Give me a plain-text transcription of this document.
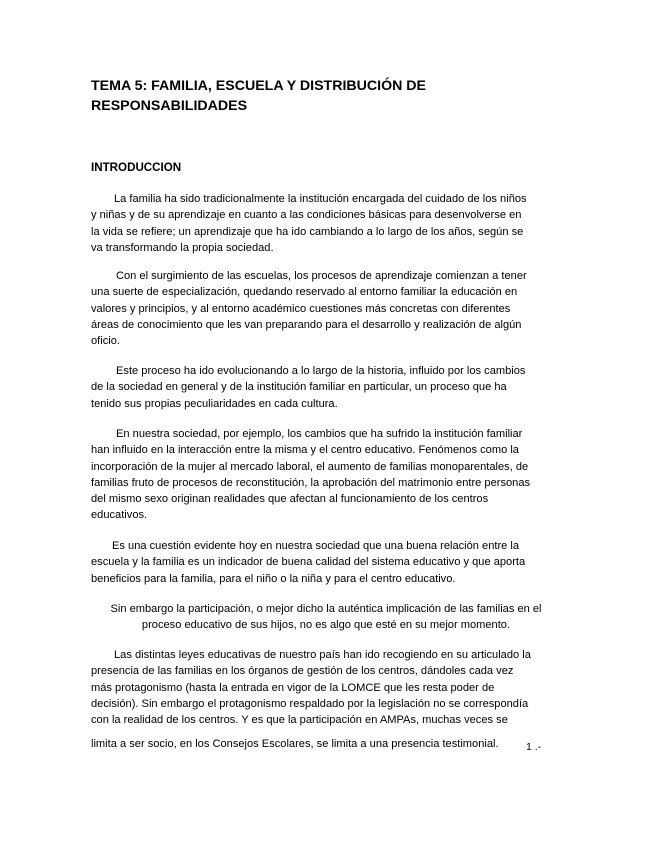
TEMA 5: FAMILIA, ESCUELA Y DISTRIBUCIÓN DE
RESPONSABILIDADES
INTRODUCCION

La familia ha sido tradicionalmente la institución encargada del cuidado de los niños
y niñas y de su aprendizaje en cuanto a las condiciones básicas para desenvolverse en
la vida se refiere; un aprendizaje que ha ido cambiando a lo largo de los años, según se
va transformando la propia sociedad.

Con el surgimiento de las escuelas, los procesos de aprendizaje comienzan a tener
una suerte de especialización, quedando reservado al entorno familiar la educación en
valores y principios, y al entorno académico cuestiones más concretas con diferentes
áreas de conocimiento que les van preparando para el desarrollo y realización de algún
oficio.

Este proceso ha ido evolucionando a lo largo de la historia, influido por los cambios
de la sociedad en general y de la institución familiar en particular, un proceso que ha
tenido sus propias peculiaridades en cada cultura.

En nuestra sociedad, por ejemplo, los cambios que ha sufrido la institución familiar
han influido en la interacción entre la misma y el centro educativo. Fenómenos como la
incorporación de la mujer al mercado laboral, el aumento de familias monoparentales, de
familias fruto de procesos de reconstitución, la aprobación del matrimonio entre personas
del mismo sexo originan realidades que afectan al funcionamiento de los centros
educativos.

Es una cuestión evidente hoy en nuestra sociedad que una buena relación entre la
escuela y la familia es un indicador de buena calidad del sistema educativo y que aporta
beneficios para la familia, para el niño o la niña y para el centro educativo.

Sin embargo la participación, o mejor dicho la auténtica implicación de las familias en el
proceso educativo de sus hijos, no es algo que esté en su mejor momento.

Las distintas leyes educativas de nuestro país han ido recogiendo en su articulado la
presencia de las familias en los órganos de gestión de los centros, dándoles cada vez
más protagonismo (hasta la entrada en vigor de la LOMCE que les resta poder de
decisión). Sin embargo el protagonismo respaldado por la legislación no se correspondía
con la realidad de los centros. Y es que la participación en AMPAs, muchas veces se

limita a ser socio, en los Consejos Escolares, se limita a una presencia testimonial.	1 .-
